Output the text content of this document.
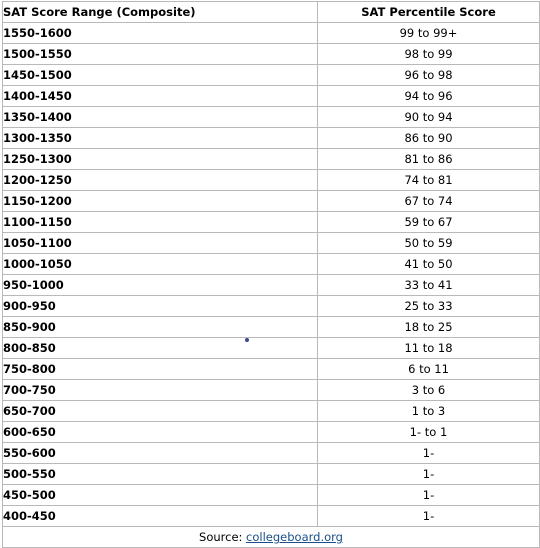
SAT Score Range (Composite)	SAT Percentile Score
1550-1600	99 to 99+
1500-1550	98 to 99
1450-1500	96 to 98
1400-1450	94 to 96
1350-1400	90 to 94
1300-1350	86 to 90
1250-1300	81 to 86
1200-1250	74 to 81
1150-1200	67 to 74
1100-1150	59 to 67
1050-1100	50 to 59
1000-1050	41 to 50
950-1000	33 to 41
900-950	25 to 33
850-900	18 to 25
800-850	11 to 18
750-800	6 to 11
700-750	3 to 6
650-700	1 to 3
600-650	1- to 1
550-600	1-
500-550	1-
450-500	1-
400-450	1-
Source: collegeboard.org	
